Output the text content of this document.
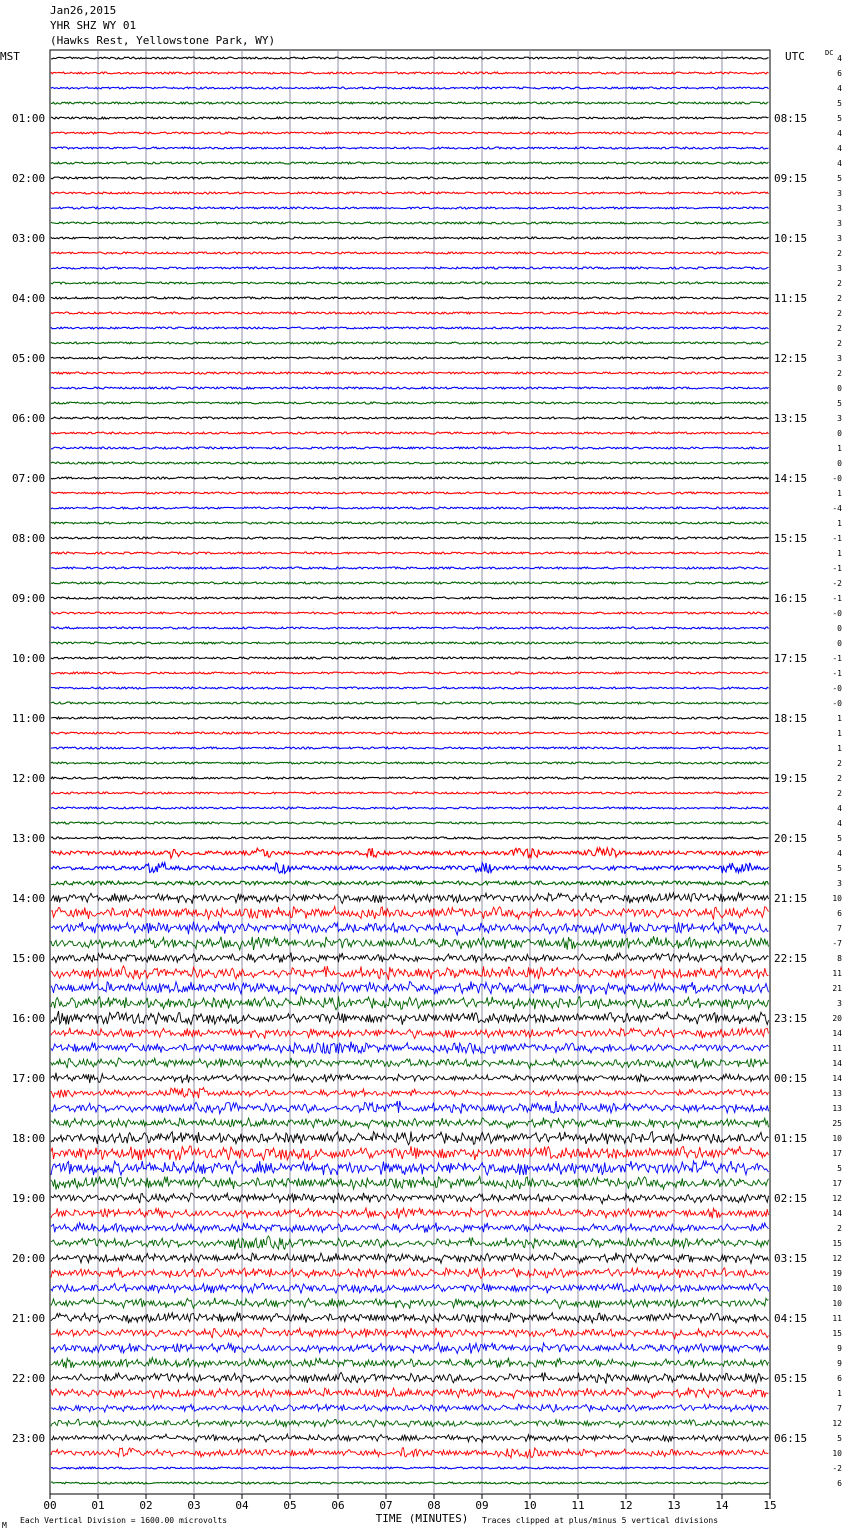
Jan26,2015
YHR SHZ WY 01
(Hawks Rest, Yellowstone Park, WY)
4
6
4
5
5
4
4
4
5
3
3
3
3
2
3
2
2
2
2
2
3
2
0
5
3
0
1
0
-0
1
-4
1
-1
1
-1
-2
-1
-0
0
0
-1
-1
-0
-0
1
1
1
2
2
2
4
4
5
4
5
3
10
6
7
-7
8
11
21
3
20
14
11
14
14
13
13
25
10
17
5
17
12
14
2
15
12
19
10
10
11
15
9
9
6
1
7
12
5
10
-2
6
01:00
02:00
03:00
04:00
05:00
06:00
07:00
08:00
09:00
10:00
11:00
12:00
13:00
14:00
15:00
16:00
17:00
18:00
19:00
20:00
21:00
22:00
23:00
08:15
09:15
10:15
11:15
12:15
13:15
14:15
15:15
16:15
17:15
18:15
19:15
20:15
21:15
22:15
23:15
00:15
01:15
02:15
03:15
04:15
05:15
06:15
MST	UTC	DC
00	01	02	03	04	05	06	07	08	09	10	11	12	13	14	15
TIME (MINUTES)
M
Each Vertical Division = 1600.00 microvolts	Traces clipped at plus/minus 5 vertical divisions
